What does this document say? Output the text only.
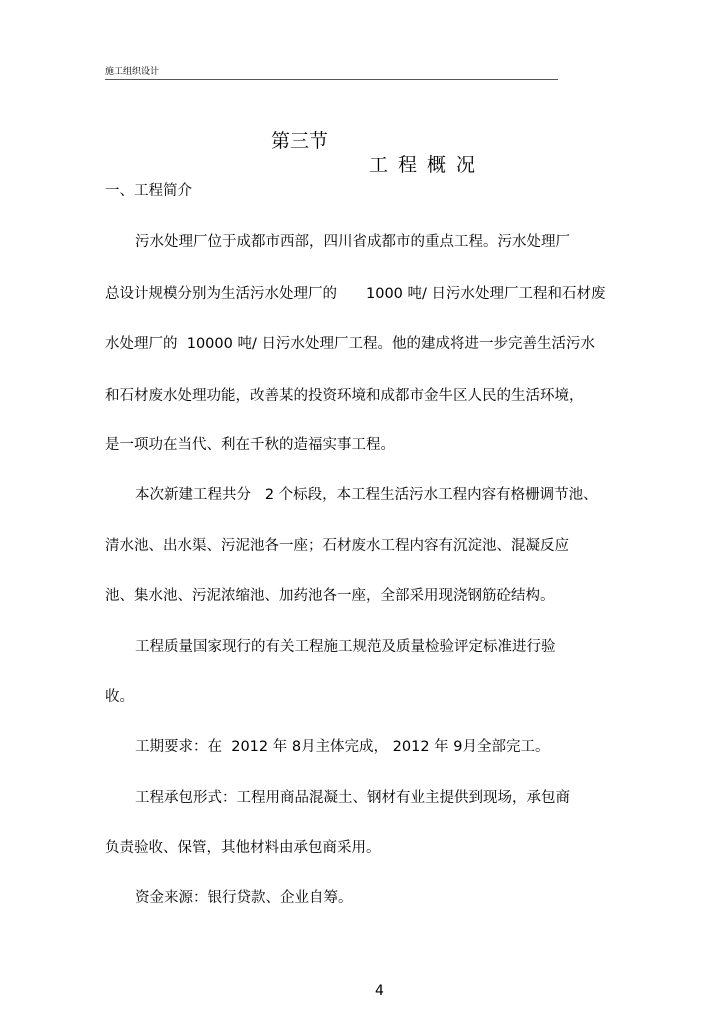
施工组织设计

第三节

工程概况

一、工程简介
污水处理厂位于成都市西部，四川省成都市的重点工程。污水处理厂
总设计规模分别为生活污水处理厂的　　1000 吨/ 日污水处理厂工程和石材废
水处理厂的  10000 吨/ 日污水处理厂工程。他的建成将进一步完善生活污水
和石材废水处理功能，改善某的投资环境和成都市金牛区人民的生活环境，
是一项功在当代、利在千秋的造福实事工程。
本次新建工程共分   2 个标段，本工程生活污水工程内容有格栅调节池、
清水池、出水渠、污泥池各一座；石材废水工程内容有沉淀池、混凝反应
池、集水池、污泥浓缩池、加药池各一座，全部采用现浇钢筋砼结构。
工程质量国家现行的有关工程施工规范及质量检验评定标准进行验
收。
工期要求：在  2012 年 8月主体完成， 2012 年 9月全部完工。
工程承包形式：工程用商品混凝土、钢材有业主提供到现场，承包商
负责验收、保管，其他材料由承包商采用。
资金来源：银行贷款、企业自筹。
4
